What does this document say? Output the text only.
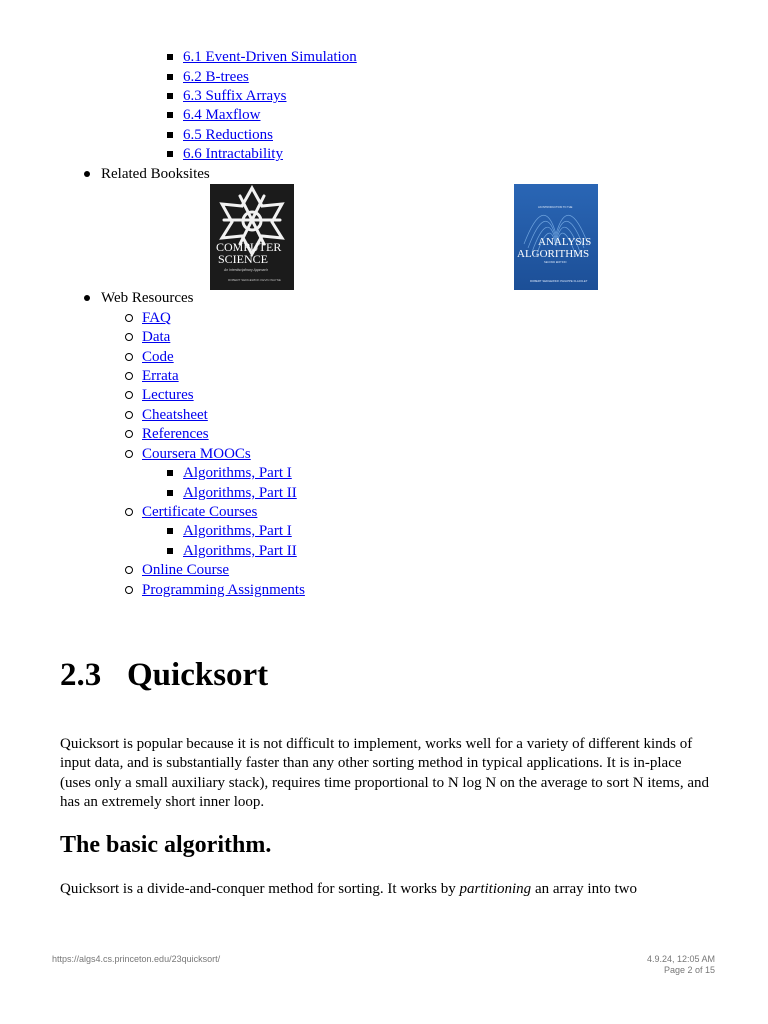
6.1 Event-Driven Simulation
6.2 B-trees
6.3 Suffix Arrays
6.4 Maxflow
6.5 Reductions
6.6 Intractability
Related Booksites
COMPUTER
SCIENCE
An Interdisciplinary Approach
ROBERT SEDGEWICK KEVIN WAYNE
AN INTRODUCTION TO THE
ANALYSIS
ALGORITHMS
SECOND EDITION
ROBERT SEDGEWICK PHILIPPE FLAJOLET
Web Resources
FAQ
Data
Code
Errata
Lectures
Cheatsheet
References
Coursera MOOCs
Algorithms, Part I
Algorithms, Part II
Certificate Courses
Algorithms, Part I
Algorithms, Part II
Online Course
Programming Assignments
2.3 Quicksort

Quicksort is popular because it is not difficult to implement, works well for a variety of different kinds of input data, and is substantially faster than any other sorting method in typical applications. It is in-place (uses only a small auxiliary stack), requires time proportional to N log N on the average to sort N items, and has an extremely short inner loop.

The basic algorithm.

Quicksort is a divide-and-conquer method for sorting. It works by partitioning an array into two

https://algs4.cs.princeton.edu/23quicksort/	4.9.24, 12:05 AM
Page 2 of 15
